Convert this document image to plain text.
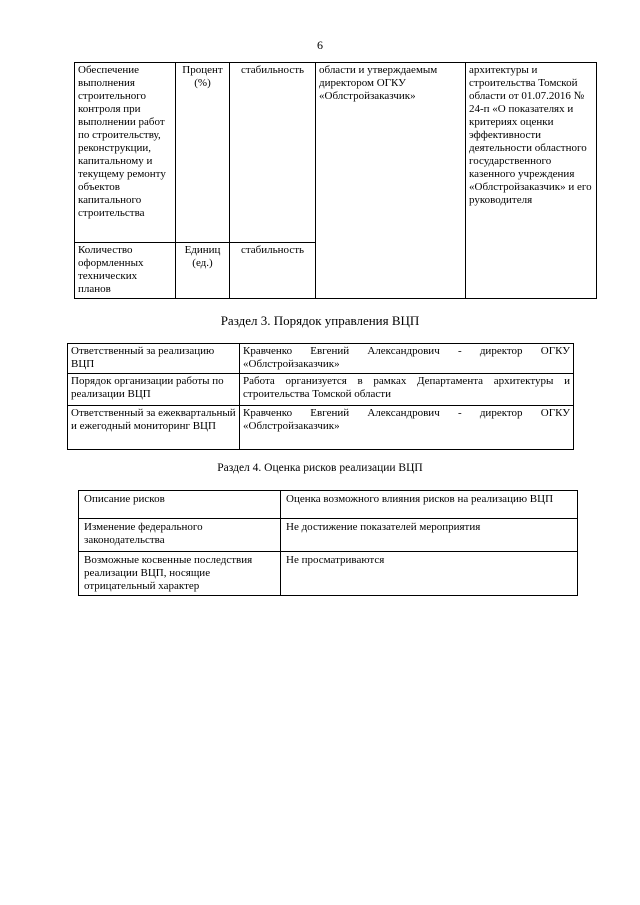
6
Обеспечение выполнения строительного контроля при выполнении работ по строительству, реконструкции, капитальному и текущему ремонту объектов капитального строительства	Процент (%)	стабильность	области и утверждаемым директором ОГКУ «Облстройзаказчик»	архитектуры и строительства Томской области от 01.07.2016 № 24-п «О показателях и критериях оценки эффективности деятельности областного государственного казенного учреждения «Облстройзаказчик» и его руководителя
Количество оформленных технических планов	Единиц (ед.)	стабильность		
Раздел 3. Порядок управления ВЦП
Ответственный за реализацию ВЦП	Кравченко Евгений Александрович - директор ОГКУ «Облстройзаказчик»
Порядок организации работы по реализации ВЦП	Работа организуется в рамках Департамента архитектуры и строительства Томской области
Ответственный за ежеквартальный и ежегодный мониторинг ВЦП	Кравченко Евгений Александрович - директор ОГКУ «Облстройзаказчик»
Раздел 4. Оценка рисков реализации ВЦП
Описание рисков	Оценка возможного влияния рисков на реализацию ВЦП
Изменение федерального законодательства	Не достижение показателей мероприятия
Возможные косвенные последствия реализации ВЦП, носящие отрицательный характер	Не просматриваются
